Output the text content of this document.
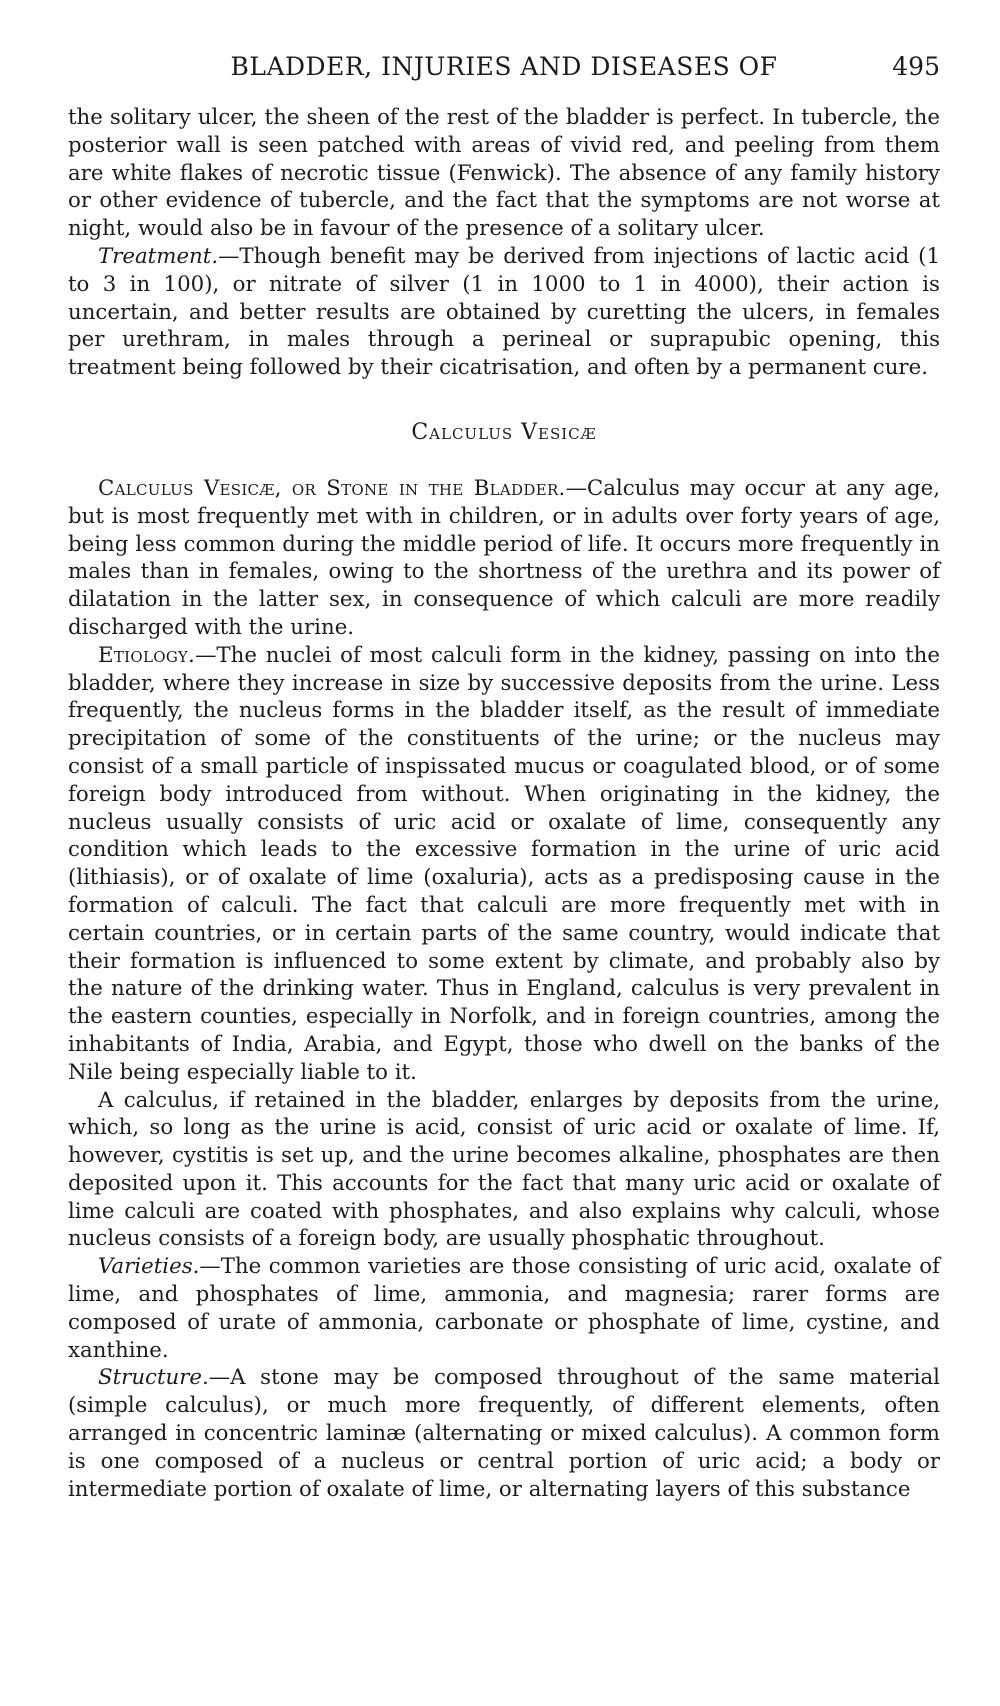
BLADDER, INJURIES AND DISEASES OF	495

the solitary ulcer, the sheen of the rest of the bladder is perfect. In tubercle, the posterior wall is seen patched with areas of vivid red, and peeling from them are white flakes of necrotic tissue (Fenwick). The absence of any family history or other evidence of tubercle, and the fact that the symptoms are not worse at night, would also be in favour of the presence of a solitary ulcer.

Treatment.—Though benefit may be derived from injections of lactic acid (1 to 3 in 100), or nitrate of silver (1 in 1000 to 1 in 4000), their action is uncertain, and better results are obtained by curetting the ulcers, in females per urethram, in males through a perineal or suprapubic opening, this treatment being followed by their cicatrisation, and often by a permanent cure.

Calculus Vesicæ

Calculus Vesicæ, or Stone in the Bladder.—Calculus may occur at any age, but is most frequently met with in children, or in adults over forty years of age, being less common during the middle period of life. It occurs more frequently in males than in females, owing to the shortness of the urethra and its power of dilatation in the latter sex, in consequence of which calculi are more readily discharged with the urine.

Etiology.—The nuclei of most calculi form in the kidney, passing on into the bladder, where they increase in size by successive deposits from the urine. Less frequently, the nucleus forms in the bladder itself, as the result of immediate precipitation of some of the constituents of the urine; or the nucleus may consist of a small particle of inspissated mucus or coagulated blood, or of some foreign body introduced from without. When originating in the kidney, the nucleus usually consists of uric acid or oxalate of lime, consequently any condition which leads to the excessive formation in the urine of uric acid (lithiasis), or of oxalate of lime (oxaluria), acts as a predisposing cause in the formation of calculi. The fact that calculi are more frequently met with in certain countries, or in certain parts of the same country, would indicate that their formation is influenced to some extent by climate, and probably also by the nature of the drinking water. Thus in England, calculus is very prevalent in the eastern counties, especially in Norfolk, and in foreign countries, among the inhabitants of India, Arabia, and Egypt, those who dwell on the banks of the Nile being especially liable to it.

A calculus, if retained in the bladder, enlarges by deposits from the urine, which, so long as the urine is acid, consist of uric acid or oxalate of lime. If, however, cystitis is set up, and the urine becomes alkaline, phosphates are then deposited upon it. This accounts for the fact that many uric acid or oxalate of lime calculi are coated with phosphates, and also explains why calculi, whose nucleus consists of a foreign body, are usually phosphatic throughout.

Varieties.—The common varieties are those consisting of uric acid, oxalate of lime, and phosphates of lime, ammonia, and magnesia; rarer forms are composed of urate of ammonia, carbonate or phosphate of lime, cystine, and xanthine.

Structure.—A stone may be composed throughout of the same material (simple calculus), or much more frequently, of different elements, often arranged in concentric laminæ (alternating or mixed calculus). A common form is one composed of a nucleus or central portion of uric acid; a body or intermediate portion of oxalate of lime, or alternating layers of this substance
